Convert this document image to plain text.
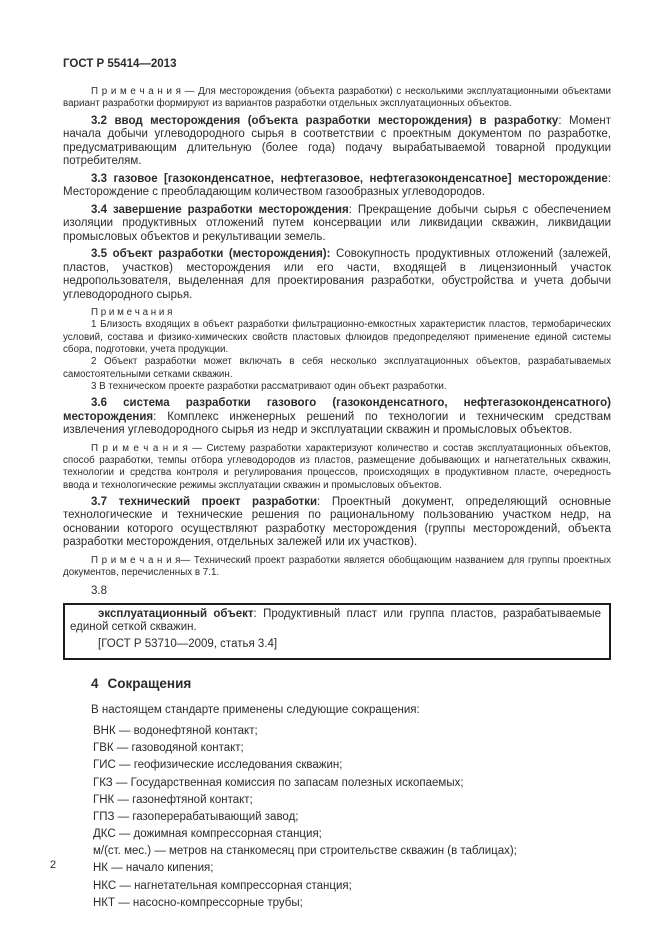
ГОСТ Р 55414—2013

П р и м е ч а н и я — Для месторождения (объекта разработки) с несколькими эксплуатационными объектами вариант разработки формируют из вариантов разработки отдельных эксплуатационных объектов.

3.2 ввод месторождения (объекта разработки месторождения) в разработку: Момент начала добычи углеводородного сырья в соответствии с проектным документом по разработке, предусматривающим длительную (более года) подачу вырабатываемой товарной продукции потребителям.

3.3 газовое [газоконденсатное, нефтегазовое, нефтегазоконденсатное] месторождение: Месторождение с преобладающим количеством газообразных углеводородов.

3.4 завершение разработки месторождения: Прекращение добычи сырья с обеспечением изоляции продуктивных отложений путем консервации или ликвидации скважин, ликвидации промысловых объектов и рекультивации земель.

3.5 объект разработки (месторождения): Совокупность продуктивных отложений (залежей, пластов, участков) месторождения или его части, входящей в лицензионный участок недропользователя, выделенная для проектирования разработки, обустройства и учета добычи углеводородного сырья.

П р и м е ч а н и я

1 Близость входящих в объект разработки фильтрационно-емкостных характеристик пластов, термобарических условий, состава и физико-химических свойств пластовых флюидов предопределяют применение единой системы сбора, подготовки, учета продукции.

2 Объект разработки может включать в себя несколько эксплуатационных объектов, разрабатываемых самостоятельными сетками скважин.

3 В техническом проекте разработки рассматривают один объект разработки.

3.6 система разработки газового (газоконденсатного, нефтегазоконденсатного) месторождения: Комплекс инженерных решений по технологии и техническим средствам извлечения углеводородного сырья из недр и эксплуатации скважин и промысловых объектов.

П р и м е ч а н и я — Систему разработки характеризуют количество и состав эксплуатационных объектов, способ разработки, темпы отбора углеводородов из пластов, размещение добывающих и нагнетательных скважин, технологии и средства контроля и регулирования процессов, происходящих в продуктивном пласте, очередность ввода и технологические режимы эксплуатации скважин и промысловых объектов.

3.7 технический проект разработки: Проектный документ, определяющий основные технологические и технические решения по рациональному пользованию участком недр, на основании которого осуществляют разработку месторождения (группы месторождений, объекта разработки месторождения, отдельных залежей или их участков).

П р и м е ч а н и я— Технический проект разработки является обобщающим названием для группы проектных документов, перечисленных в 7.1.

3.8

эксплуатационный объект: Продуктивный пласт или группа пластов, разрабатываемые единой сеткой скважин.

[ГОСТ Р 53710—2009, статья 3.4]

4 Сокращения

В настоящем стандарте применены следующие сокращения:

ВНК — водонефтяной контакт;

ГВК — газоводяной контакт;

ГИС — геофизические исследования скважин;

ГКЗ — Государственная комиссия по запасам полезных ископаемых;

ГНК — газонефтяной контакт;

ГПЗ — газоперерабатывающий завод;

ДКС — дожимная компрессорная станция;

м/(ст. мес.) — метров на станкомесяц при строительстве скважин (в таблицах);

НК — начало кипения;

НКС — нагнетательная компрессорная станция;

НКТ — насосно-компрессорные трубы;

2
